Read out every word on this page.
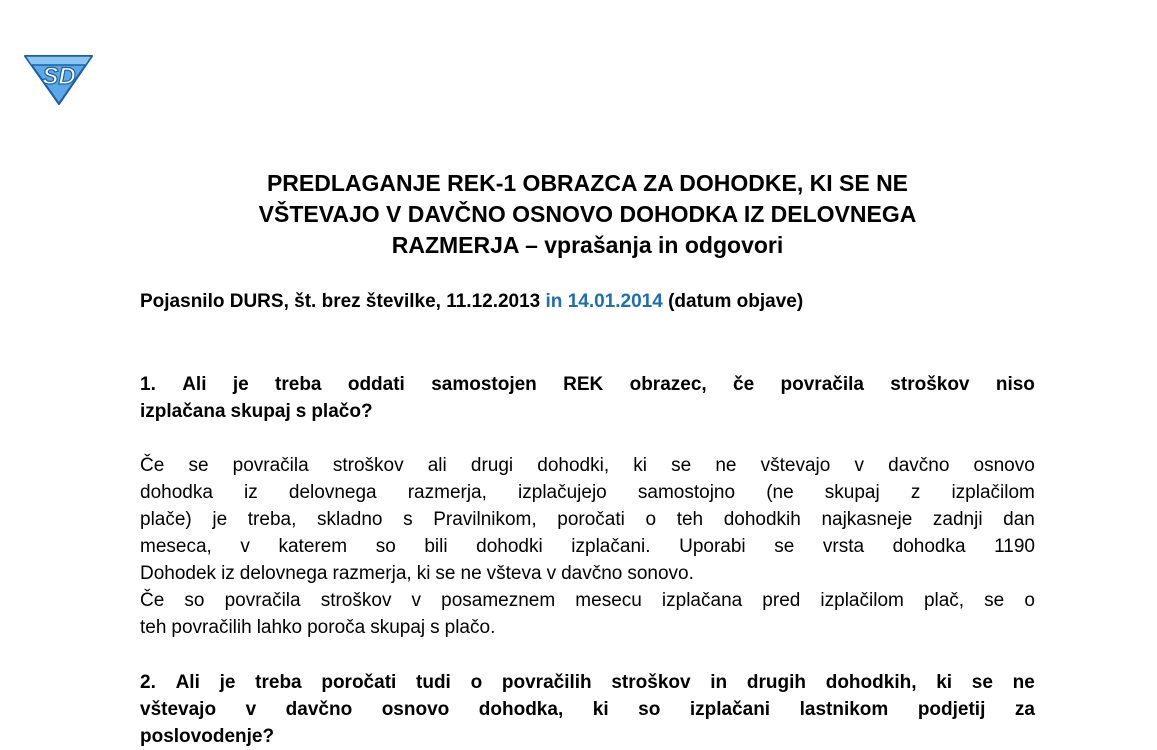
SD
PREDLAGANJE REK-1 OBRAZCA ZA DOHODKE, KI SE NE
VŠTEVAJO V DAVČNO OSNOVO DOHODKA IZ DELOVNEGA
RAZMERJA – vprašanja in odgovori
Pojasnilo DURS, št. brez številke, 11.12.2013 in 14.01.2014 (datum objave)
1. Ali je treba oddati samostojen REK obrazec, če povračila stroškov niso
izplačana skupaj s plačo?
Če se povračila stroškov ali drugi dohodki, ki se ne vštevajo v davčno osnovo
dohodka iz delovnega razmerja, izplačujejo samostojno (ne skupaj z izplačilom
plače) je treba, skladno s Pravilnikom, poročati o teh dohodkih najkasneje zadnji dan
meseca, v katerem so bili dohodki izplačani. Uporabi se vrsta dohodka 1190
Dohodek iz delovnega razmerja, ki se ne všteva v davčno sonovo.
Če so povračila stroškov v posameznem mesecu izplačana pred izplačilom plač, se o
teh povračilih lahko poroča skupaj s plačo.
2. Ali je treba poročati tudi o povračilih stroškov in drugih dohodkih, ki se ne
vštevajo v davčno osnovo dohodka, ki so izplačani lastnikom podjetij za
poslovodenje?
